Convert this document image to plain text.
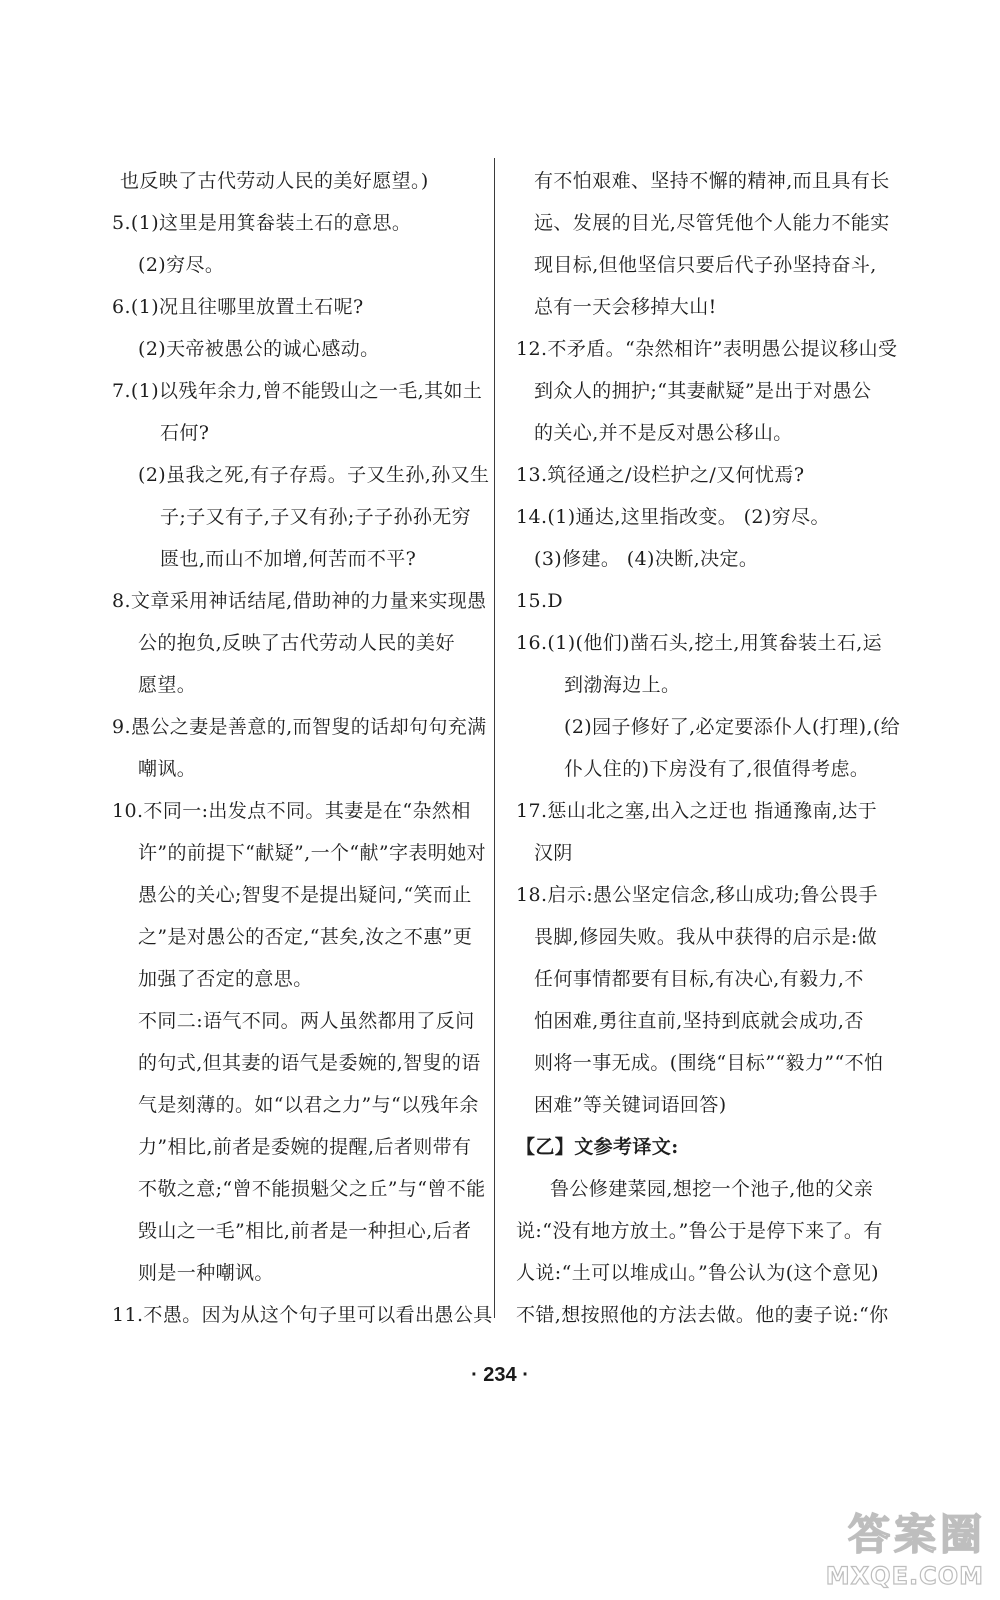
也反映了古代劳动人民的美好愿望。)
5.(1)这里是用箕畚装土石的意思。
(2)穷尽。
6.(1)况且往哪里放置土石呢?
(2)天帝被愚公的诚心感动。
7.(1)以残年余力,曾不能毁山之一毛,其如土
石何?
(2)虽我之死,有子存焉。子又生孙,孙又生
子;子又有子,子又有孙;子子孙孙无穷
匮也,而山不加增,何苦而不平?
8.文章采用神话结尾,借助神的力量来实现愚
公的抱负,反映了古代劳动人民的美好
愿望。
9.愚公之妻是善意的,而智叟的话却句句充满
嘲讽。
10.不同一:出发点不同。其妻是在“杂然相
许”的前提下“献疑”,一个“献”字表明她对
愚公的关心;智叟不是提出疑问,“笑而止
之”是对愚公的否定,“甚矣,汝之不惠”更
加强了否定的意思。
不同二:语气不同。两人虽然都用了反问
的句式,但其妻的语气是委婉的,智叟的语
气是刻薄的。如“以君之力”与“以残年余
力”相比,前者是委婉的提醒,后者则带有
不敬之意;“曾不能损魁父之丘”与“曾不能
毁山之一毛”相比,前者是一种担心,后者
则是一种嘲讽。
11.不愚。因为从这个句子里可以看出愚公具
有不怕艰难、坚持不懈的精神,而且具有长
远、发展的目光,尽管凭他个人能力不能实
现目标,但他坚信只要后代子孙坚持奋斗,
总有一天会移掉大山!
12.不矛盾。“杂然相许”表明愚公提议移山受
到众人的拥护;“其妻献疑”是出于对愚公
的关心,并不是反对愚公移山。
13.筑径通之/设栏护之/又何忧焉?
14.(1)通达,这里指改变。 (2)穷尽。
(3)修建。 (4)决断,决定。
15.D
16.(1)(他们)凿石头,挖土,用箕畚装土石,运
到渤海边上。
(2)园子修好了,必定要添仆人(打理),(给
仆人住的)下房没有了,很值得考虑。
17.惩山北之塞,出入之迂也 指通豫南,达于
汉阴
18.启示:愚公坚定信念,移山成功;鲁公畏手
畏脚,修园失败。我从中获得的启示是:做
任何事情都要有目标,有决心,有毅力,不
怕困难,勇往直前,坚持到底就会成功,否
则将一事无成。(围绕“目标”“毅力”“不怕
困难”等关键词语回答)
【乙】文参考译文:
鲁公修建菜园,想挖一个池子,他的父亲
说:“没有地方放土。”鲁公于是停下来了。有
人说:“土可以堆成山。”鲁公认为(这个意见)
不错,想按照他的方法去做。他的妻子说:“你
· 234 ·
答案圈
MXQE.COM
